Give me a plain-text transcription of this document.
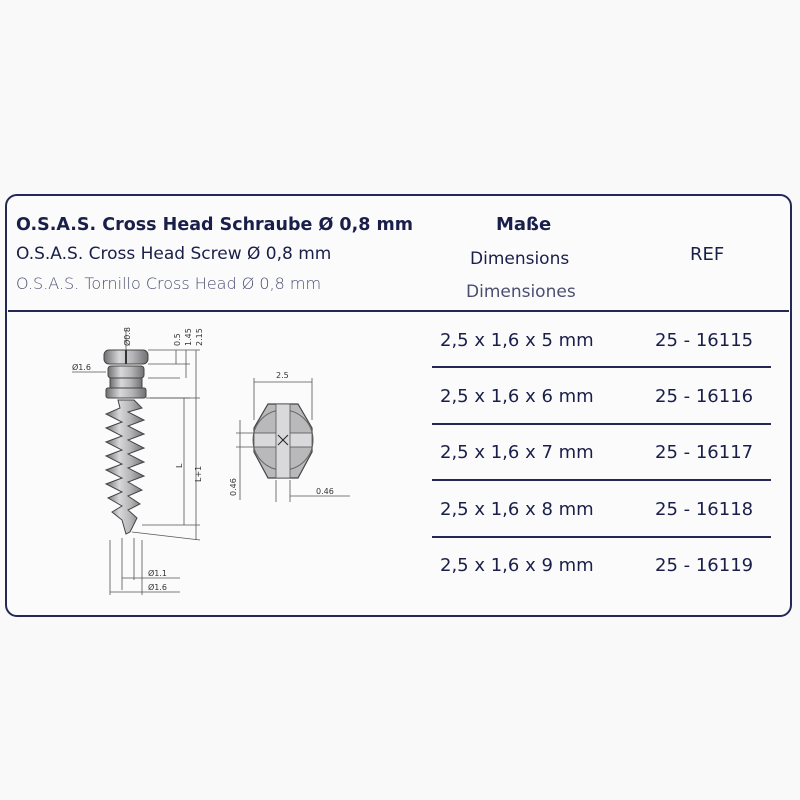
O.S.A.S. Cross Head Schraube Ø 0,8 mm
O.S.A.S. Cross Head Screw Ø 0,8 mm
O.S.A.S. Tornillo Cross Head Ø 0,8 mm
Maße
Dimensions
Dimensiones
REF
2,5 x 1,6 x 5 mm	25 - 16115
2,5 x 1,6 x 6 mm	25 - 16116
2,5 x 1,6 x 7 mm	25 - 16117
2,5 x 1,6 x 8 mm	25 - 16118
2,5 x 1,6 x 9 mm	25 - 16119
Ø0.8	2.15
1.45
0.5
Ø1.6
L L+1
Ø1.1
Ø1.6
2.5
0.46	0.46
